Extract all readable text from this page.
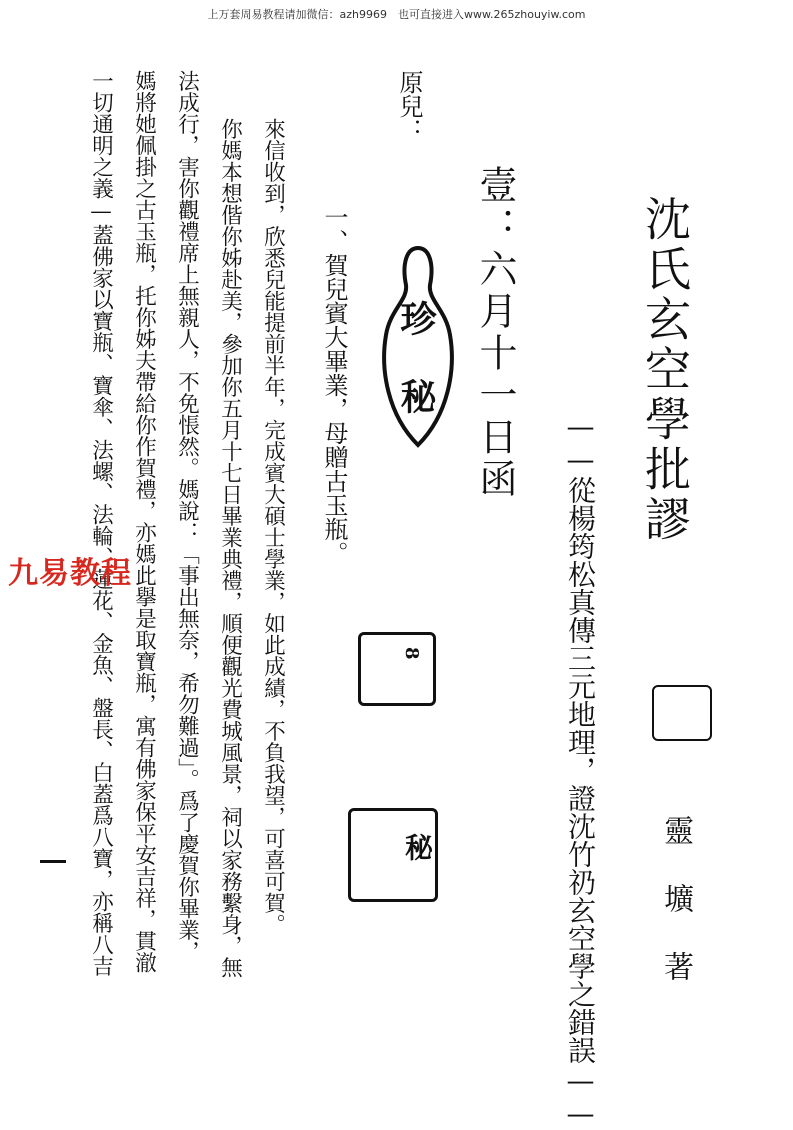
上万套周易教程请加微信：azh9969　也可直接进入www.265zhouyiw.com
沈氏玄空學批謬
——從楊筠松真傳三元地理，證沈竹礽玄空學之錯誤—— 靈　壙　著
壹：六月十一日函
原兒：
一、賀兒賓大畢業，母贈古玉瓶。 珍 秘
8
秘
來信收到，欣悉兒能提前半年，完成賓大碩士學業，如此成績，不負我望，可喜可賀。
你媽本想偕你姊赴美，參加你五月十七日畢業典禮，順便觀光費城風景，祠以家務繫身，無
法成行，害你觀禮席上無親人，不免悵然。媽說：「事出無奈，希勿難過」。爲了慶賀你畢業，
媽將她佩掛之古玉瓶，托你姊夫帶給你作賀禮，亦媽此擧是取寶瓶，寓有佛家保平安吉祥，貫澈
一切通明之義—蓋佛家以寶瓶、寶傘、法螺、法輪、蓮花、金魚、盤長、白蓋爲八寶，亦稱八吉
九易教程
